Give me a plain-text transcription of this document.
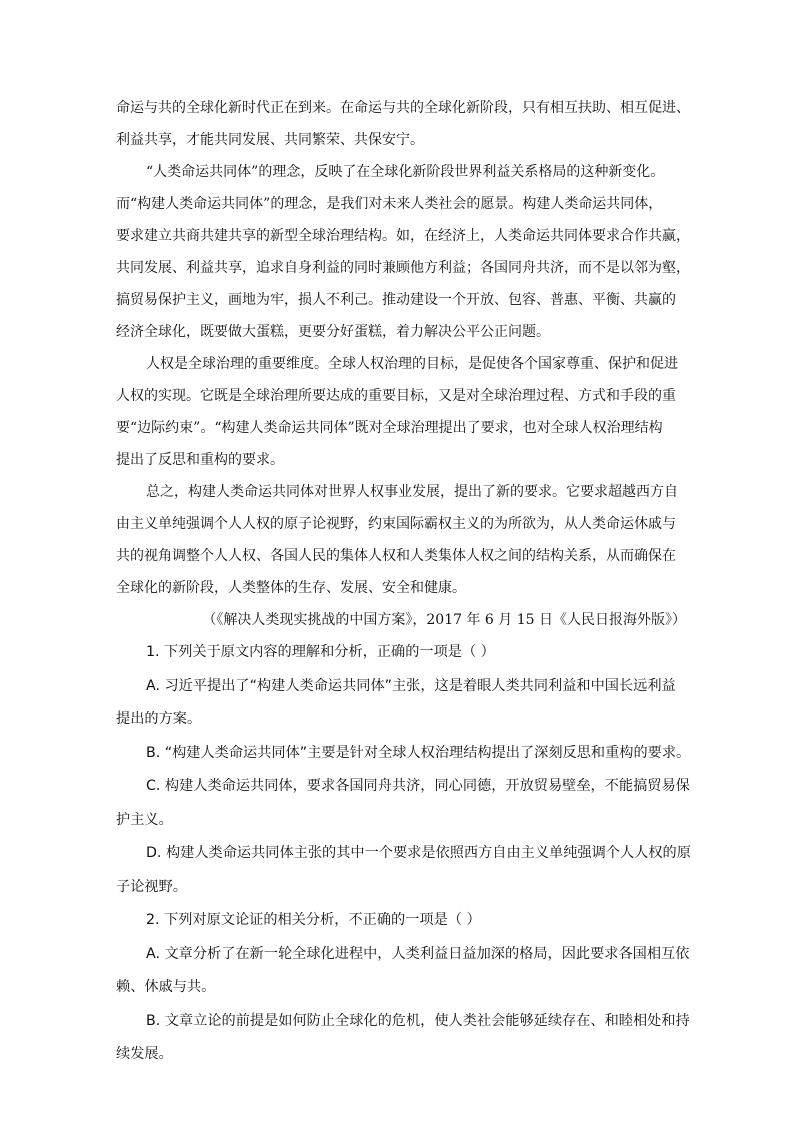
命运与共的全球化新时代正在到来。在命运与共的全球化新阶段，只有相互扶助、相互促进、
利益共享，才能共同发展、共同繁荣、共保安宁。
“人类命运共同体”的理念，反映了在全球化新阶段世界利益关系格局的这种新变化。
而“构建人类命运共同体”的理念，是我们对未来人类社会的愿景。构建人类命运共同体，
要求建立共商共建共享的新型全球治理结构。如，在经济上，人类命运共同体要求合作共赢，
共同发展、利益共享，追求自身利益的同时兼顾他方利益；各国同舟共济，而不是以邻为壑，
搞贸易保护主义，画地为牢，损人不利己。推动建设一个开放、包容、普惠、平衡、共赢的
经济全球化，既要做大蛋糕，更要分好蛋糕，着力解决公平公正问题。
人权是全球治理的重要维度。全球人权治理的目标，是促使各个国家尊重、保护和促进
人权的实现。它既是全球治理所要达成的重要目标，又是对全球治理过程、方式和手段的重
要“边际约束”。“构建人类命运共同体”既对全球治理提出了要求，也对全球人权治理结构
提出了反思和重构的要求。
总之，构建人类命运共同体对世界人权事业发展，提出了新的要求。它要求超越西方自
由主义单纯强调个人人权的原子论视野，约束国际霸权主义的为所欲为，从人类命运休戚与
共的视角调整个人人权、各国人民的集体人权和人类集体人权之间的结构关系，从而确保在
全球化的新阶段，人类整体的生存、发展、安全和健康。
（《解决人类现实挑战的中国方案》，2017 年 6 月 15 日《人民日报海外版》）
1. 下列关于原文内容的理解和分析，正确的一项是（ ）
A. 习近平提出了“构建人类命运共同体”主张，这是着眼人类共同利益和中国长远利益
提出的方案。
B. “构建人类命运共同体”主要是针对全球人权治理结构提出了深刻反思和重构的要求。
C. 构建人类命运共同体，要求各国同舟共济，同心同德，开放贸易壁垒，不能搞贸易保
护主义。
D. 构建人类命运共同体主张的其中一个要求是依照西方自由主义单纯强调个人人权的原
子论视野。
2. 下列对原文论证的相关分析，不正确的一项是（ ）
A. 文章分析了在新一轮全球化进程中，人类利益日益加深的格局，因此要求各国相互依
赖、休戚与共。
B. 文章立论的前提是如何防止全球化的危机，使人类社会能够延续存在、和睦相处和持
续发展。
